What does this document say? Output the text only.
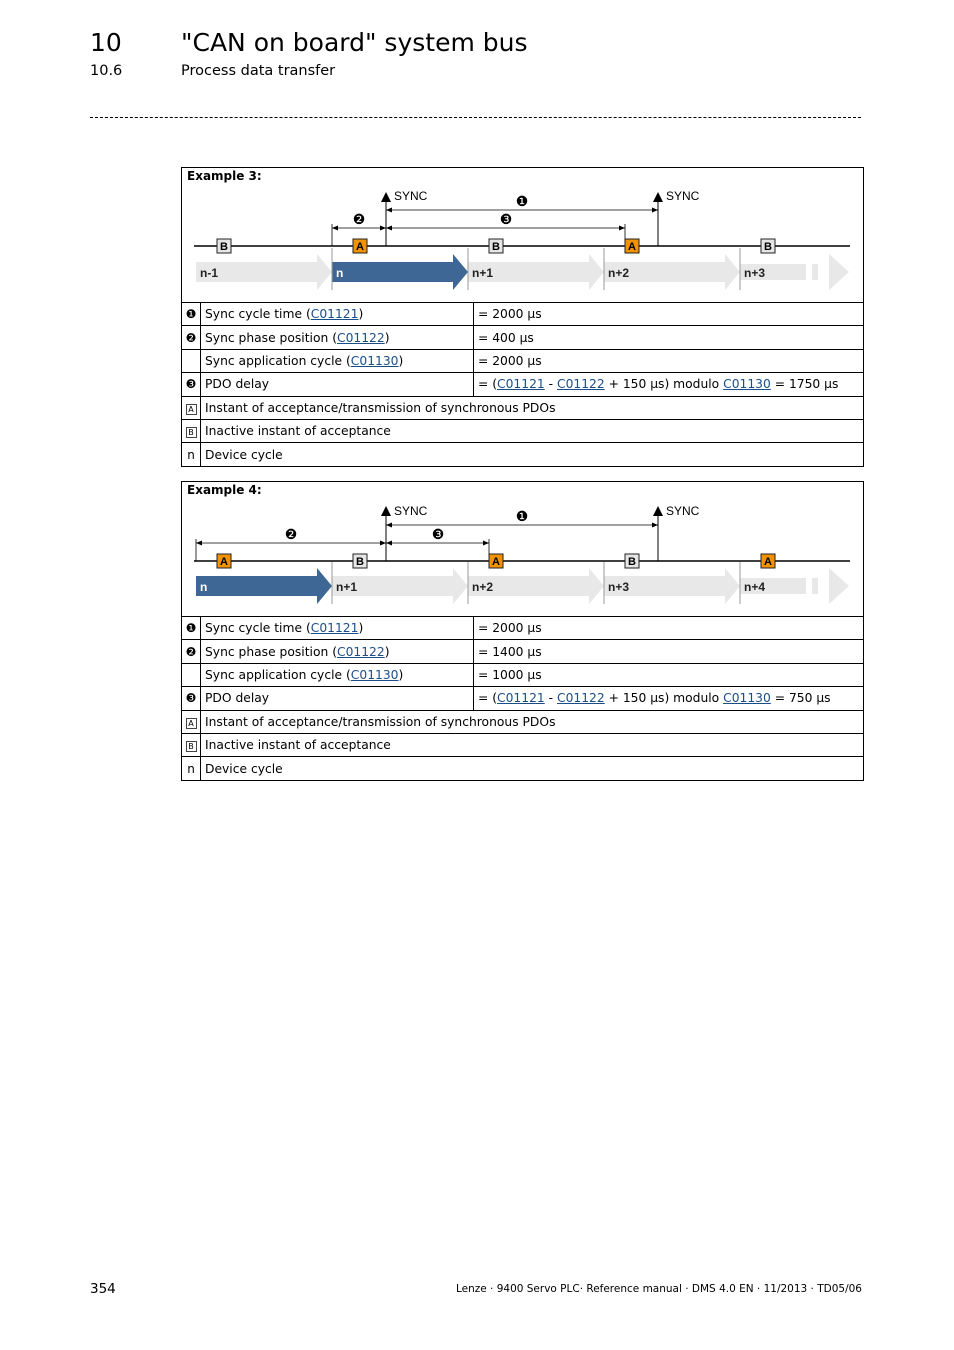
10 "CAN on board" system bus
10.6	Process data transfer
Example 3:
SYNC	SYNC
❶
❷	❸
B	A	B	A	B
n-1	n	n+1	n+2	n+3
❶	Sync cycle time (C01121)	= 2000 µs
❷	Sync phase position (C01122)	= 400 µs
	Sync application cycle (C01130)	= 2000 µs
❸	PDO delay	= (C01121 - C01122 + 150 µs) modulo C01130 = 1750 µs
A	Instant of acceptance/transmission of synchronous PDOs	
B	Inactive instant of acceptance	
n	Device cycle	
Example 4:
SYNC	SYNC
❶
❷	❸
A	B	A	B	A
n	n+1	n+2	n+3	n+4
❶	Sync cycle time (C01121)	= 2000 µs
❷	Sync phase position (C01122)	= 1400 µs
	Sync application cycle (C01130)	= 1000 µs
❸	PDO delay	= (C01121 - C01122 + 150 µs) modulo C01130 = 750 µs
A	Instant of acceptance/transmission of synchronous PDOs	
B	Inactive instant of acceptance	
n	Device cycle	
354	Lenze · 9400 Servo PLC· Reference manual · DMS 4.0 EN · 11/2013 · TD05/06
